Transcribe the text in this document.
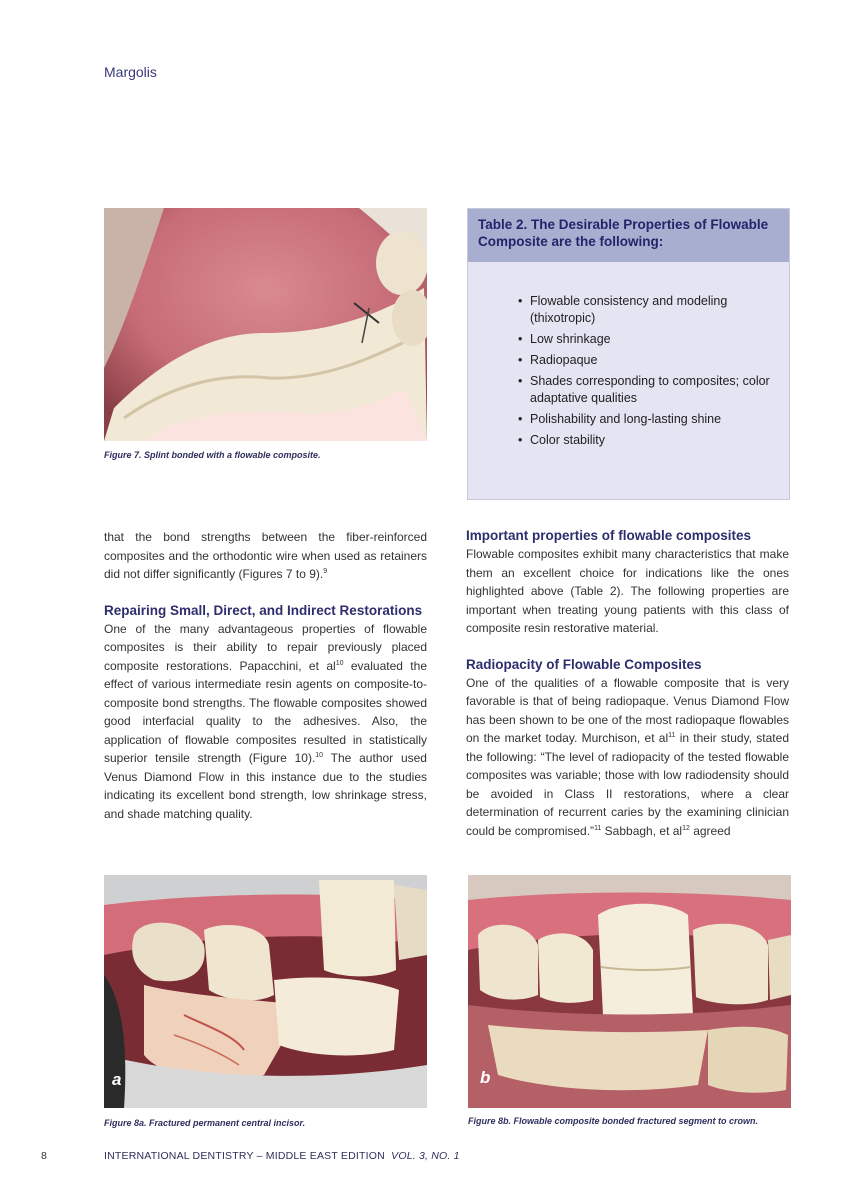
Margolis
Figure 7. Splint bonded with a flowable composite.
Table 2. The Desirable Properties of Flowable Composite are the following:
• Flowable consistency and modeling (thixotropic)
• Low shrinkage
• Radiopaque
• Shades corresponding to composites; color adaptative qualities
• Polishability and long-lasting shine
• Color stability

that the bond strengths between the fiber-reinforced composites and the orthodontic wire when used as retainers did not differ significantly (Figures 7 to 9).$^9$

Repairing Small, Direct, and Indirect Restorations

One of the many advantageous properties of flowable composites is their ability to repair previously placed composite restorations. Papacchini, et $al^{10}$ evaluated the effect of various intermediate resin agents on composite-to-composite bond strengths. The flowable composites showed good interfacial quality to the adhesives. Also, the application of flowable composites resulted in statistically superior tensile strength (Figure 10).$^{10}$ The author used Venus Diamond Flow in this instance due to the studies indicating its excellent bond strength, low shrinkage stress, and shade matching quality.

Important properties of flowable composites

Flowable composites exhibit many characteristics that make them an excellent choice for indications like the ones highlighted above (Table 2). The following properties are important when treating young patients with this class of composite resin restorative material.

Radiopacity of Flowable Composites

One of the qualities of a flowable composite that is very favorable is that of being radiopaque. Venus Diamond Flow has been shown to be one of the most radiopaque flowables on the market today. Murchison, et $al^{11}$ in their study, stated the following: “The level of radiopacity of the tested flowable composites was variable; those with low radiodensity should be avoided in Class II restorations, where a clear determination of recurrent caries by the examining clinician could be compromised.”$^{11}$ Sabbagh, et $al^{12}$ agreed

a
Figure 8a. Fractured permanent central incisor.
b
Figure 8b. Flowable composite bonded fractured segment to crown.
8	INTERNATIONAL DENTISTRY – MIDDLE EAST EDITION VOL. 3, NO. 1
